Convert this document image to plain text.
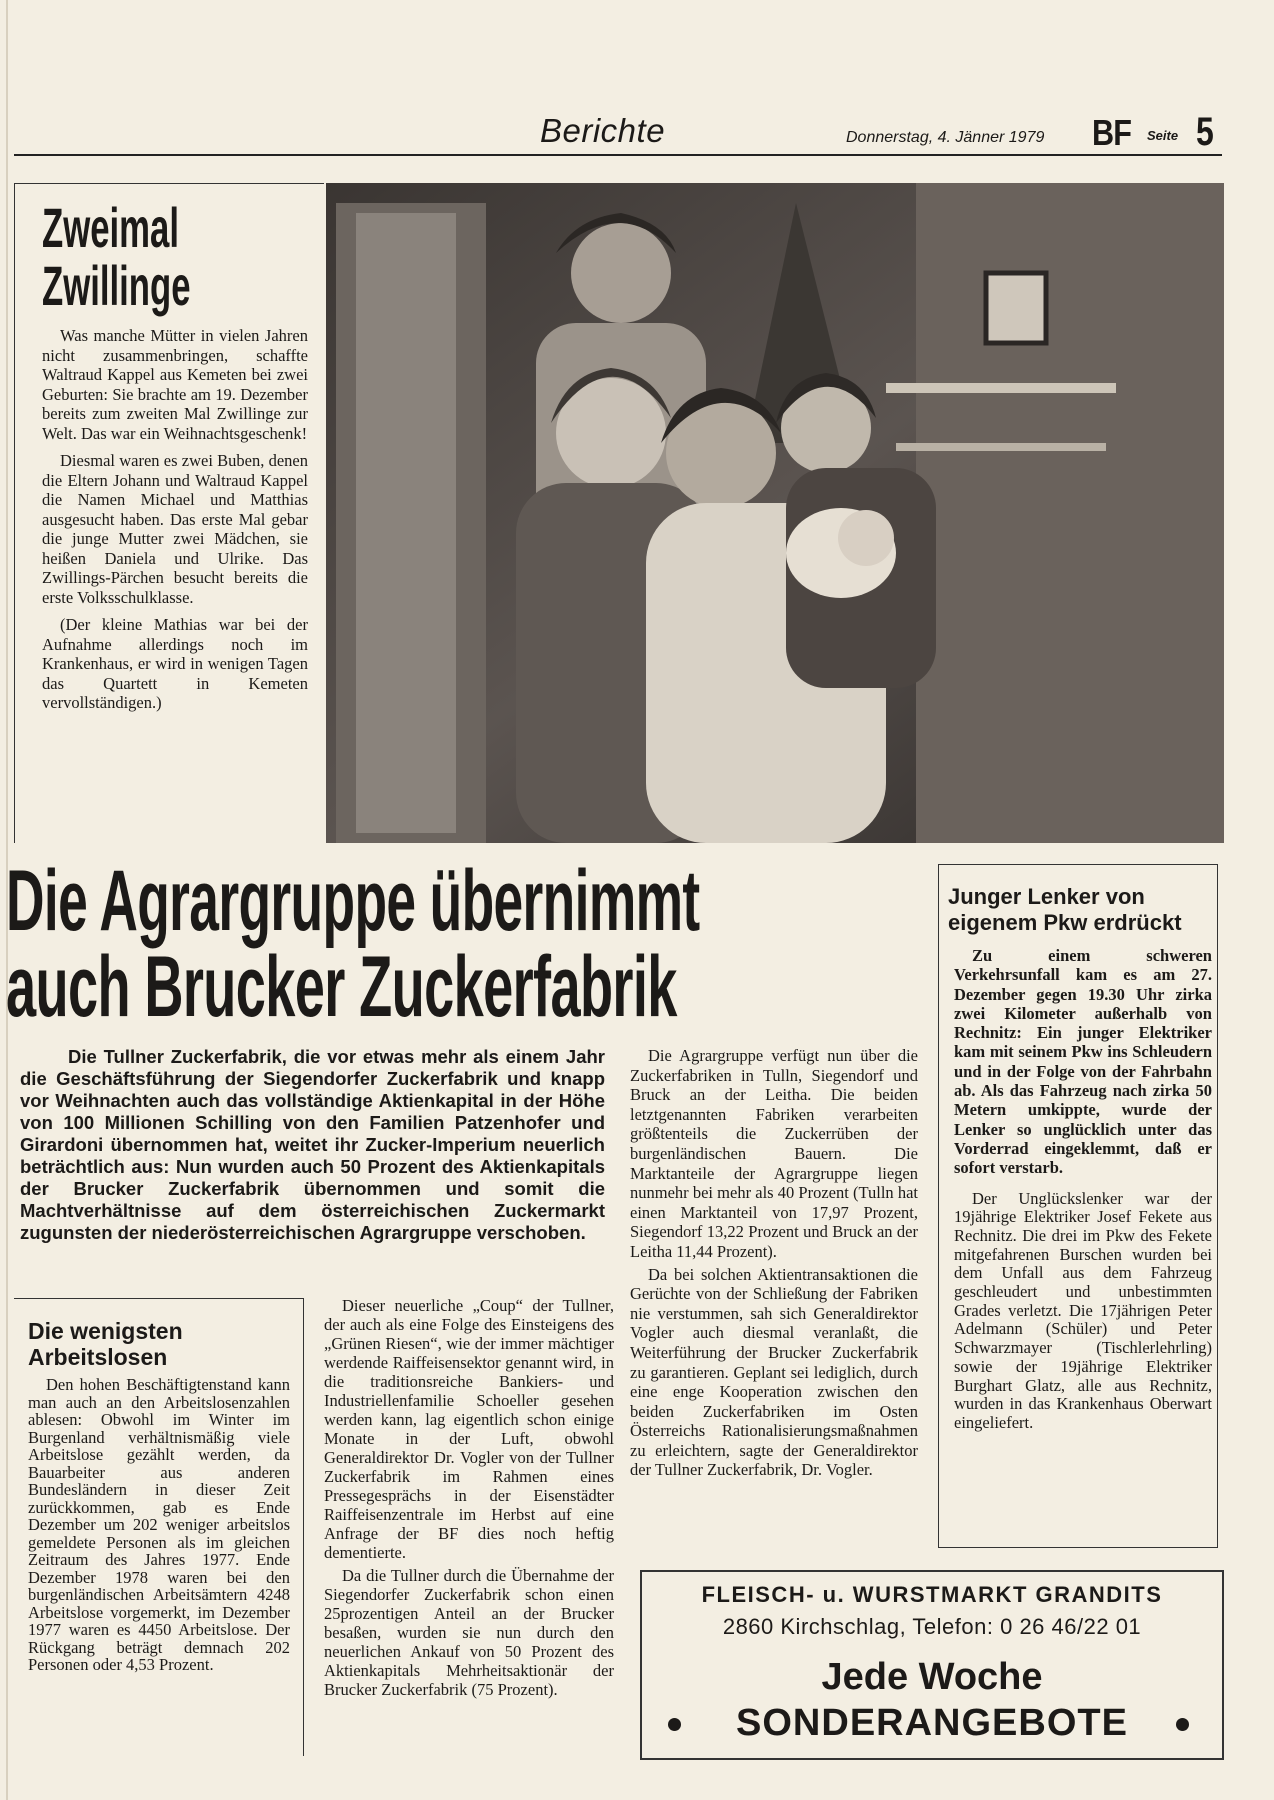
Berichte	Donnerstag, 4. Jänner 1979 BF Seite 5
Zweimal
Zwillinge

Was manche Mütter in vielen Jahren nicht zusammenbringen, schaffte Waltraud Kappel aus Kemeten bei zwei Geburten: Sie brachte am 19. Dezember bereits zum zweiten Mal Zwillinge zur Welt. Das war ein Weihnachtsgeschenk!

Diesmal waren es zwei Buben, denen die Eltern Johann und Waltraud Kappel die Namen Michael und Matthias ausgesucht haben. Das erste Mal gebar die junge Mutter zwei Mädchen, sie heißen Daniela und Ulrike. Das Zwillings-Pärchen besucht bereits die erste Volksschulklasse.

(Der kleine Mathias war bei der Aufnahme allerdings noch im Krankenhaus, er wird in wenigen Tagen das Quartett in Kemeten vervollständigen.)

Die Agrargruppe übernimmt
auch Brucker Zuckerfabrik
Die Tullner Zuckerfabrik, die vor etwas mehr als einem Jahr die Geschäftsführung der Siegendorfer Zuckerfabrik und knapp vor Weihnachten auch das vollständige Aktienkapital in der Höhe von 100 Millionen Schilling von den Familien Patzenhofer und Girardoni übernommen hat, weitet ihr Zucker-Imperium neuerlich beträchtlich aus: Nun wurden auch 50 Prozent des Aktienkapitals der Brucker Zuckerfabrik übernommen und somit die Machtverhältnisse auf dem österreichischen Zuckermarkt zugunsten der niederösterreichischen Agrargruppe verschoben.

Die Agrargruppe verfügt nun über die Zuckerfabriken in Tulln, Siegendorf und Bruck an der Leitha. Die beiden letztgenannten Fabriken verarbeiten größtenteils die Zuckerrüben der burgenländischen Bauern. Die Marktanteile der Agrargruppe liegen nunmehr bei mehr als 40 Prozent (Tulln hat einen Marktanteil von 17,97 Prozent, Siegendorf 13,22 Prozent und Bruck an der Leitha 11,44 Prozent).

Da bei solchen Aktientransaktionen die Gerüchte von der Schließung der Fabriken nie verstummen, sah sich Generaldirektor Vogler auch diesmal veranlaßt, die Weiterführung der Brucker Zuckerfabrik zu garantieren. Geplant sei lediglich, durch eine enge Kooperation zwischen den beiden Zuckerfabriken im Osten Österreichs Rationalisierungsmaßnahmen zu erleichtern, sagte der Generaldirektor der Tullner Zuckerfabrik, Dr. Vogler.

Die wenigsten
Arbeitslosen

Den hohen Beschäftigtenstand kann man auch an den Arbeitslosenzahlen ablesen: Obwohl im Winter im Burgenland verhältnismäßig viele Arbeitslose gezählt werden, da Bauarbeiter aus anderen Bundesländern in dieser Zeit zurückkommen, gab es Ende Dezember um 202 weniger arbeitslos gemeldete Personen als im gleichen Zeitraum des Jahres 1977. Ende Dezember 1978 waren bei den burgenländischen Arbeitsämtern 4248 Arbeitslose vorgemerkt, im Dezember 1977 waren es 4450 Arbeitslose. Der Rückgang beträgt demnach 202 Personen oder 4,53 Prozent.

Dieser neuerliche „Coup“ der Tullner, der auch als eine Folge des Einsteigens des „Grünen Riesen“, wie der immer mächtiger werdende Raiffeisensektor genannt wird, in die traditionsreiche Bankiers- und Industriellenfamilie Schoeller gesehen werden kann, lag eigentlich schon einige Monate in der Luft, obwohl Generaldirektor Dr. Vogler von der Tullner Zuckerfabrik im Rahmen eines Pressegesprächs in der Eisenstädter Raiffeisenzentrale im Herbst auf eine Anfrage der BF dies noch heftig dementierte.

Da die Tullner durch die Übernahme der Siegendorfer Zuckerfabrik schon einen 25prozentigen Anteil an der Brucker besaßen, wurden sie nun durch den neuerlichen Ankauf von 50 Prozent des Aktienkapitals Mehrheitsaktionär der Brucker Zuckerfabrik (75 Prozent).

Junger Lenker von
eigenem Pkw erdrückt

Zu einem schweren Verkehrsunfall kam es am 27. Dezember gegen 19.30 Uhr zirka zwei Kilometer außerhalb von Rechnitz: Ein junger Elektriker kam mit seinem Pkw ins Schleudern und in der Folge von der Fahrbahn ab. Als das Fahrzeug nach zirka 50 Metern umkippte, wurde der Lenker so unglücklich unter das Vorderrad eingeklemmt, daß er sofort verstarb.

Der Unglückslenker war der 19jährige Elektriker Josef Fekete aus Rechnitz. Die drei im Pkw des Fekete mitgefahrenen Burschen wurden bei dem Unfall aus dem Fahrzeug geschleudert und unbestimmten Grades verletzt. Die 17jährigen Peter Adelmann (Schüler) und Peter Schwarzmayer (Tischlerlehrling) sowie der 19jährige Elektriker Burghart Glatz, alle aus Rechnitz, wurden in das Krankenhaus Oberwart eingeliefert.

FLEISCH- u. WURSTMARKT GRANDITS
2860 Kirchschlag, Telefon: 0 26 46/22 01
Jede Woche
SONDERANGEBOTE
